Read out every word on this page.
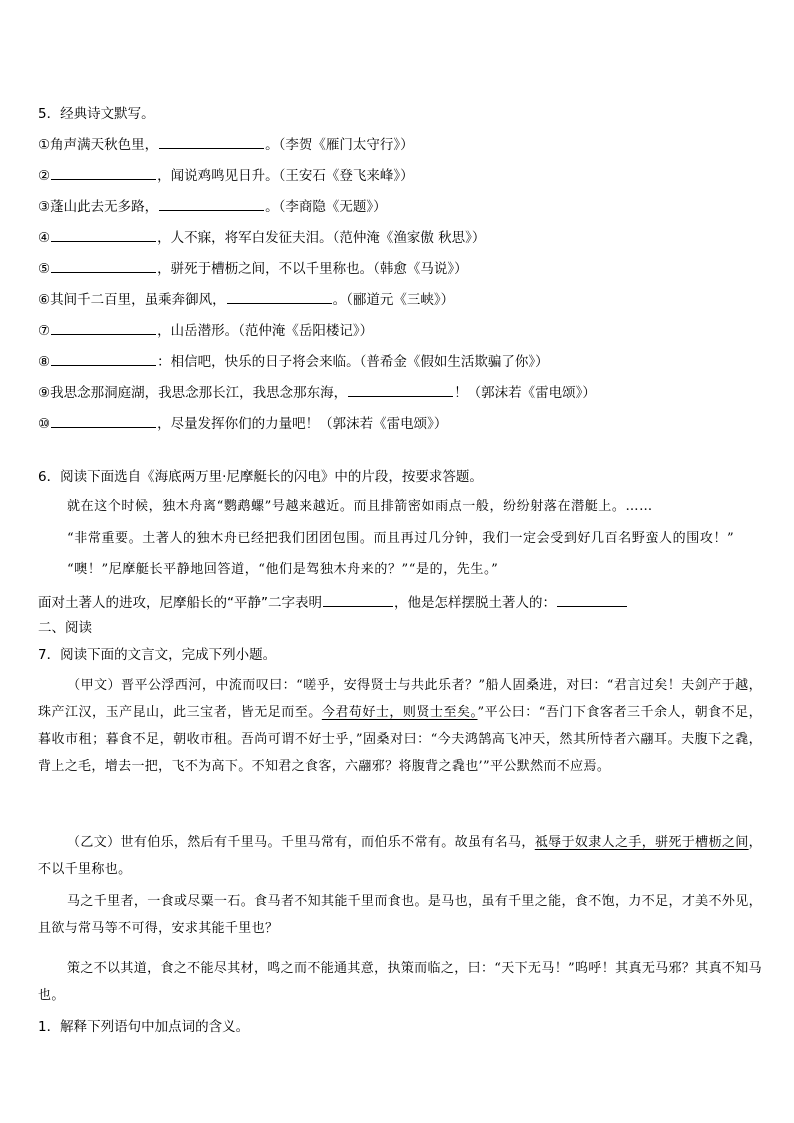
5．经典诗文默写。
①角声满天秋色里，	。（李贺《雁门太守行》）
②	，闻说鸡鸣见日升。（王安石《登飞来峰》）
③蓬山此去无多路，	。（李商隐《无题》）
④	，人不寐，将军白发征夫泪。（范仲淹《渔家傲 秋思》）
⑤	，骈死于槽枥之间，不以千里称也。（韩愈《马说》）
⑥其间千二百里，虽乘奔御风，	。（郦道元《三峡》）
⑦	，山岳潜形。（范仲淹《岳阳楼记》）
⑧	：相信吧，快乐的日子将会来临。（普希金《假如生活欺骗了你》）
⑨我思念那洞庭湖，我思念那长江，我思念那东海，	！（郭沫若《雷电颂》）
⑩	，尽量发挥你们的力量吧！（郭沫若《雷电颂》）
6．阅读下面选自《海底两万里·尼摩艇长的闪电》中的片段，按要求答题。
就在这个时候，独木舟离“鹦鹉螺”号越来越近。而且排箭密如雨点一般，纷纷射落在潜艇上。……
“非常重要。土著人的独木舟已经把我们团团包围。而且再过几分钟，我们一定会受到好几百名野蛮人的围攻！”
“噢！”尼摩艇长平静地回答道，“他们是驾独木舟来的？”“是的，先生。”
面对土著人的进攻，尼摩船长的“平静”二字表明	，他是怎样摆脱土著人的：
二、阅读
7．阅读下面的文言文，完成下列小题。
（甲文）晋平公浮西河，中流而叹曰：“嗟乎，安得贤士与共此乐者？”船人固桑进，对曰：“君言过矣！夫剑产于越，珠产江汉，玉产昆山，此三宝者，皆无足而至。今君苟好士，则贤士至矣。”平公曰：“吾门下食客者三千余人，朝食不足，暮收市租；暮食不足，朝收市租。吾尚可谓不好士乎，”固桑对曰：“今夫鸿鹄高飞冲天，然其所恃者六翮耳。夫腹下之毳，背上之毛，增去一把，飞不为高下。不知君之食客，六翮邪？将腹背之毳也’”平公默然而不应焉。
（乙文）世有伯乐，然后有千里马。千里马常有，而伯乐不常有。故虽有名马，祗辱于奴隶人之手，骈死于槽枥之间，不以千里称也。
马之千里者，一食或尽粟一石。食马者不知其能千里而食也。是马也，虽有千里之能，食不饱，力不足，才美不外见，且欲与常马等不可得，安求其能千里也？
策之不以其道，食之不能尽其材，鸣之而不能通其意，执策而临之，曰：“天下无马！”呜呼！其真无马邪？其真不知马也。
1．解释下列语句中加点词的含义。
